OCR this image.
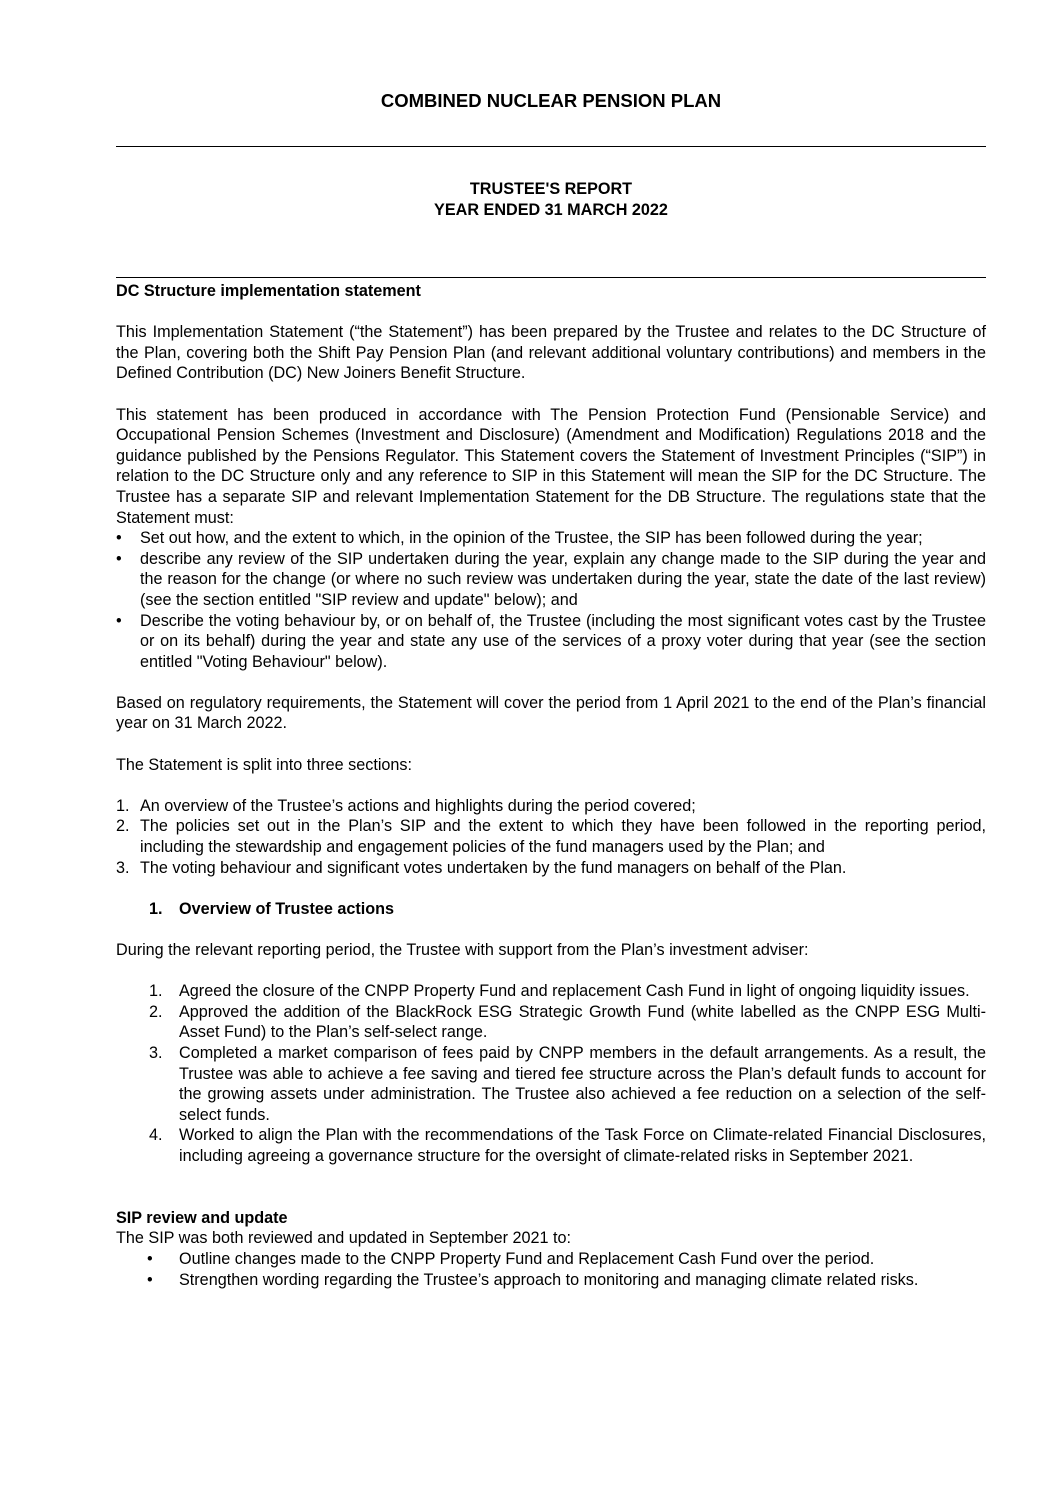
COMBINED NUCLEAR PENSION PLAN
TRUSTEE'S REPORT
YEAR ENDED 31 MARCH 2022
DC Structure implementation statement

This Implementation Statement (“the Statement”) has been prepared by the Trustee and relates to the DC Structure of the Plan, covering both the Shift Pay Pension Plan (and relevant additional voluntary contributions) and members in the Defined Contribution (DC) New Joiners Benefit Structure.

This statement has been produced in accordance with The Pension Protection Fund (Pensionable Service) and Occupational Pension Schemes (Investment and Disclosure) (Amendment and Modification) Regulations 2018 and the guidance published by the Pensions Regulator. This Statement covers the Statement of Investment Principles (“SIP”) in relation to the DC Structure only and any reference to SIP in this Statement will mean the SIP for the DC Structure. The Trustee has a separate SIP and relevant Implementation Statement for the DB Structure. The regulations state that the Statement must:

• Set out how, and the extent to which, in the opinion of the Trustee, the SIP has been followed during the year;
• describe any review of the SIP undertaken during the year, explain any change made to the SIP during the year and the reason for the change (or where no such review was undertaken during the year, state the date of the last review) (see the section entitled "SIP review and update" below); and
• Describe the voting behaviour by, or on behalf of, the Trustee (including the most significant votes cast by the Trustee or on its behalf) during the year and state any use of the services of a proxy voter during that year (see the section entitled "Voting Behaviour" below).

Based on regulatory requirements, the Statement will cover the period from 1 April 2021 to the end of the Plan’s financial year on 31 March 2022.

The Statement is split into three sections:

1. An overview of the Trustee’s actions and highlights during the period covered;
2. The policies set out in the Plan’s SIP and the extent to which they have been followed in the reporting period, including the stewardship and engagement policies of the fund managers used by the Plan; and
3. The voting behaviour and significant votes undertaken by the fund managers on behalf of the Plan.
1. Overview of Trustee actions

During the relevant reporting period, the Trustee with support from the Plan’s investment adviser:

1. Agreed the closure of the CNPP Property Fund and replacement Cash Fund in light of ongoing liquidity issues.
2. Approved the addition of the BlackRock ESG Strategic Growth Fund (white labelled as the CNPP ESG Multi-Asset Fund) to the Plan’s self-select range.
3. Completed a market comparison of fees paid by CNPP members in the default arrangements. As a result, the Trustee was able to achieve a fee saving and tiered fee structure across the Plan’s default funds to account for the growing assets under administration. The Trustee also achieved a fee reduction on a selection of the self-select funds.
4. Worked to align the Plan with the recommendations of the Task Force on Climate-related Financial Disclosures, including agreeing a governance structure for the oversight of climate-related risks in September 2021.
SIP review and update

The SIP was both reviewed and updated in September 2021 to:

• Outline changes made to the CNPP Property Fund and Replacement Cash Fund over the period.
• Strengthen wording regarding the Trustee’s approach to monitoring and managing climate related risks.
